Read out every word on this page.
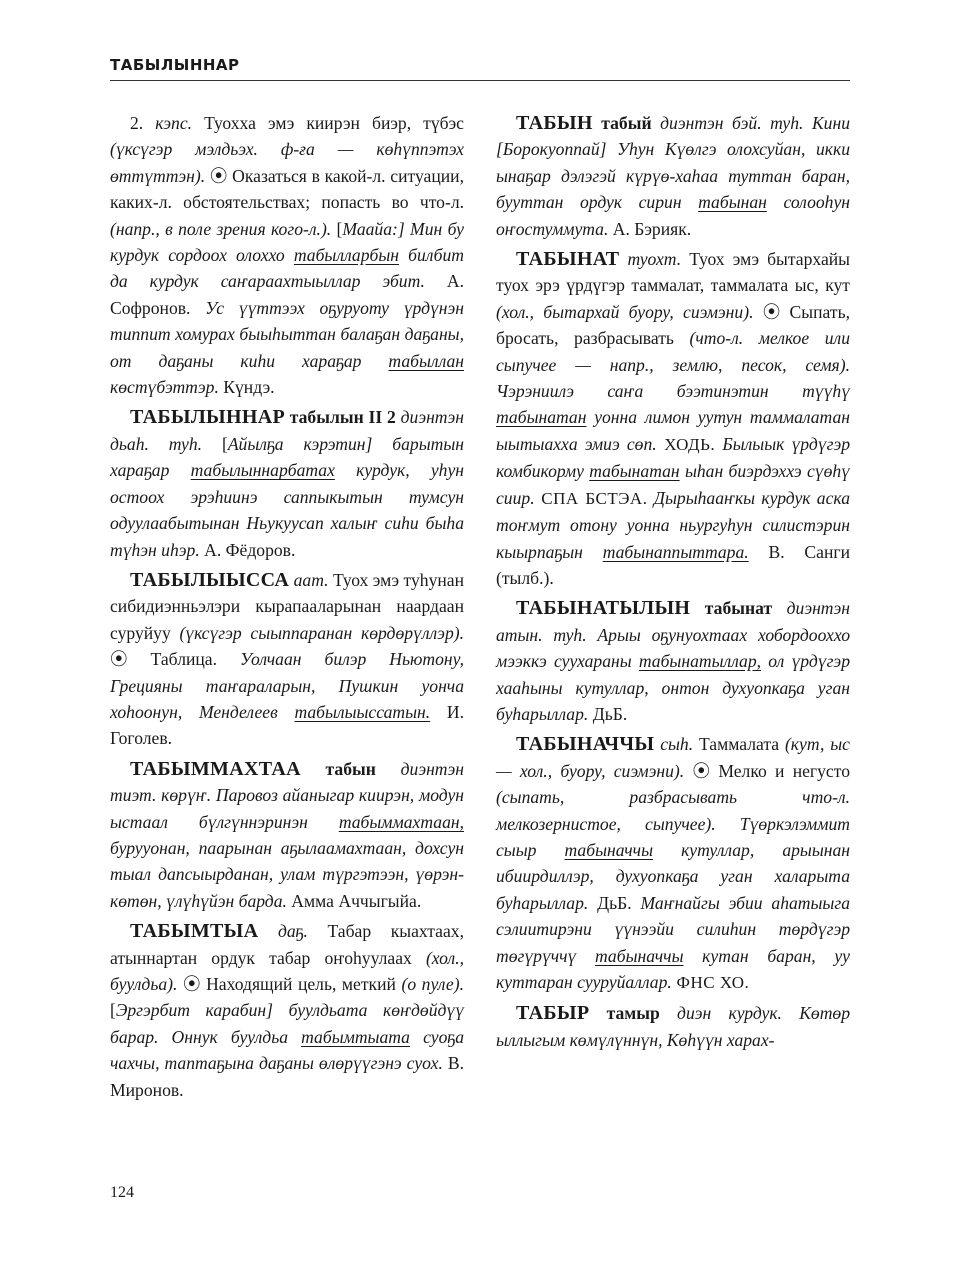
ТАБЫЛЫННАР

2. кэпс. Туохха эмэ киирэн биэр, түбэс (үксүгэр мэлдьэх. ф-ға — көһүппэтэх өттүттэн). ⦿ Оказаться в какой-л. ситуации, каких-л. обстоятельствах; попасть во что-л. (напр., в поле зрения кого-л.). [Маайа:] Мин бу курдук сордоох олоххо табылларбын билбит да курдук саҥараахтыыллар эбит. А. Софронов. Ус үүттээх оҕуруоту үрдүнэн типпит хомурах быыһыттан балаҕан даҕаны, от даҕаны киһи харaҕар табыллан көстүбэттэр. Күндэ.

ТАБЫЛЫННАР табылын II 2 диэнтэн дьаһ. туһ. [Айылҕа кэрэтин] барытын харaҕар табылыннарбатах курдук, уһун остоох эрэһиинэ саппыкытын тумсун одуулаабытынан Ньукуусап халыҥ сиһи быһа түһэн иһэр. А. Фёдоров.

ТАБЫЛЫЫССА аат. Туох эмэ туһунан сибидиэнньэлэри кырапааларынан наардаан суруйуу (үксүгэр сыыппаранан көрдөрүллэр). ⦿ Таблица. Уолчаан билэр Ньютону, Грецияны таҥараларын, Пушкин уонча хоһоонун, Менделеев табылыыссатын. И. Гоголев.

ТАБЫММАХТАА табын диэнтэн тиэт. көрүҥ. Паровоз айаныгар киирэн, модун ыстаал бүлгүннэринэн табыммахтаан, бурууонан, паарынан аҕылаамахтаан, дохсун тыал дапсыырданан, улам түргэтээн, үөрэн-көтөн, үлүһүйэн барда. Амма Аччыгыйа.

ТАБЫМТЫА даҕ. Табар кыахтаах, атыннартан ордук табар оҥоһуулаах (хол., буулдьа). ⦿ Находящий цель, меткий (о пуле). [Эргэрбит карабин] буулдьата көҥдөйдүү барар. Оннук буулдьа табымтыата суоҕа чахчы, таптаҕына даҕаны өлөрүүгэнэ суох. В. Миронов.

ТАБЫН табый диэнтэн бэй. туһ. Кини [Борокуоппай] Уһун Күөлгэ олохсуйан, икки ынаҕар дэлэгэй күрүө-хаһаа туттан баран, бууттан ордук сирин табынан солооһун оҥостуммута. А. Бэрияк.

ТАБЫНАТ туохт. Туох эмэ бытархайы туох эрэ үрдүгэр таммалат, таммалата ыс, кут (хол., бытархай буору, сиэмэни). ⦿ Сыпать, бросать, разбрасывать (что-л. мелкое или сыпучее — напр., землю, песок, семя). Чэрэниилэ саҥа бээтинэтин түүһү табынатан уонна лимон уутун таммалатан ыытыаххa эмиэ сөп. ХОДЬ. Былыык үрдүгэр комбикорму табынатан ыһан биэрдэххэ сүөһү сиир. СПА БСТЭА. Дырыһааҥкы курдук аска тоҥмут отону уонна ньургуһун силистэрин кыырпаҕын табынаппыттара. В. Санги (тылб.).

ТАБЫНАТЫЛЫН табынат диэнтэн атын. туһ. Арыы оҕунуохтаах хобордооххо мээккэ суухараны табынатыллар, ол үрдүгэр хааһыны кутуллар, онтон духуопкаҕа уган буһарыллар. ДьБ.

ТАБЫНАЧЧЫ сыһ. Таммалата (кут, ыс — хол., буору, сиэмэни). ⦿ Мелко и негусто (сыпать, разбрасывать что-л. мелкозернистое, сыпучее). Түөркэлэммит сыыр табыначчы кутуллар, арыынан ибиирдиллэр, духуопкаҕа уган халарыта буһарыллар. ДьБ. Маҥнайгы эбии аһатыыга сэлиитирэни үүнээйи силиһин төрдүгэр төгүрүччү табыначчы кутан баран, уу куттаран сууруйаллар. ФНС ХО.

ТАБЫР тамыр диэн курдук. Көтөр ыллыгым көмүлүннүн, Көһүүн харах-

124
